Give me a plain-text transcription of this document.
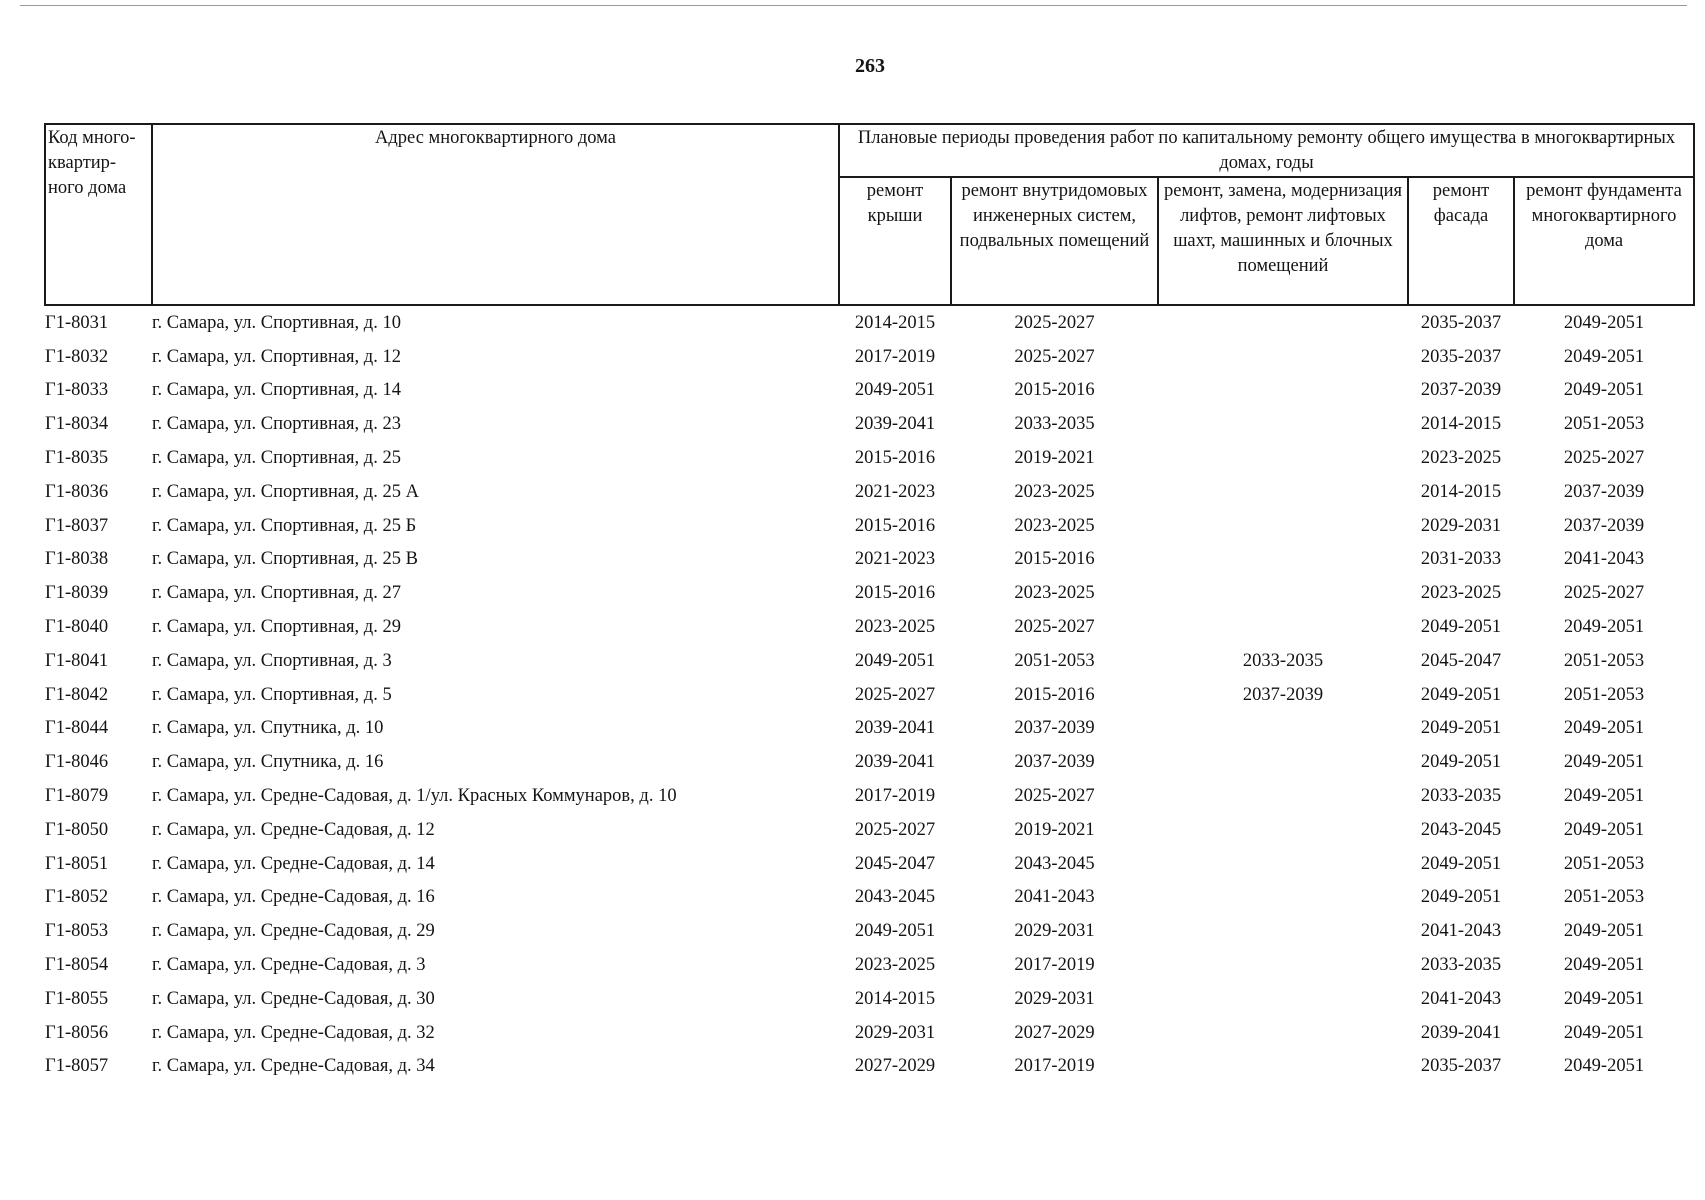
263
Код много-квартир-ного дома	Адрес многоквартирного дома	Плановые периоды проведения работ по капитальному ремонту общего имущества в многоквартирных домах, годы				
		ремонт крыши	ремонт внутридомовых инженерных систем, подвальных помещений	ремонт, замена, модернизация лифтов, ремонт лифтовых шахт, машинных и блочных помещений	ремонт фасада	ремонт фундамента многоквартирного дома
Г1-8031	г. Самара, ул. Спортивная, д. 10	2014-2015	2025-2027		2035-2037	2049-2051
Г1-8032	г. Самара, ул. Спортивная, д. 12	2017-2019	2025-2027		2035-2037	2049-2051
Г1-8033	г. Самара, ул. Спортивная, д. 14	2049-2051	2015-2016		2037-2039	2049-2051
Г1-8034	г. Самара, ул. Спортивная, д. 23	2039-2041	2033-2035		2014-2015	2051-2053
Г1-8035	г. Самара, ул. Спортивная, д. 25	2015-2016	2019-2021		2023-2025	2025-2027
Г1-8036	г. Самара, ул. Спортивная, д. 25 А	2021-2023	2023-2025		2014-2015	2037-2039
Г1-8037	г. Самара, ул. Спортивная, д. 25 Б	2015-2016	2023-2025		2029-2031	2037-2039
Г1-8038	г. Самара, ул. Спортивная, д. 25 В	2021-2023	2015-2016		2031-2033	2041-2043
Г1-8039	г. Самара, ул. Спортивная, д. 27	2015-2016	2023-2025		2023-2025	2025-2027
Г1-8040	г. Самара, ул. Спортивная, д. 29	2023-2025	2025-2027		2049-2051	2049-2051
Г1-8041	г. Самара, ул. Спортивная, д. 3	2049-2051	2051-2053	2033-2035	2045-2047	2051-2053
Г1-8042	г. Самара, ул. Спортивная, д. 5	2025-2027	2015-2016	2037-2039	2049-2051	2051-2053
Г1-8044	г. Самара, ул. Спутника, д. 10	2039-2041	2037-2039		2049-2051	2049-2051
Г1-8046	г. Самара, ул. Спутника, д. 16	2039-2041	2037-2039		2049-2051	2049-2051
Г1-8079	г. Самара, ул. Средне-Садовая, д. 1/ул. Красных Коммунаров, д. 10	2017-2019	2025-2027		2033-2035	2049-2051
Г1-8050	г. Самара, ул. Средне-Садовая, д. 12	2025-2027	2019-2021		2043-2045	2049-2051
Г1-8051	г. Самара, ул. Средне-Садовая, д. 14	2045-2047	2043-2045		2049-2051	2051-2053
Г1-8052	г. Самара, ул. Средне-Садовая, д. 16	2043-2045	2041-2043		2049-2051	2051-2053
Г1-8053	г. Самара, ул. Средне-Садовая, д. 29	2049-2051	2029-2031		2041-2043	2049-2051
Г1-8054	г. Самара, ул. Средне-Садовая, д. 3	2023-2025	2017-2019		2033-2035	2049-2051
Г1-8055	г. Самара, ул. Средне-Садовая, д. 30	2014-2015	2029-2031		2041-2043	2049-2051
Г1-8056	г. Самара, ул. Средне-Садовая, д. 32	2029-2031	2027-2029		2039-2041	2049-2051
Г1-8057	г. Самара, ул. Средне-Садовая, д. 34	2027-2029	2017-2019		2035-2037	2049-2051
